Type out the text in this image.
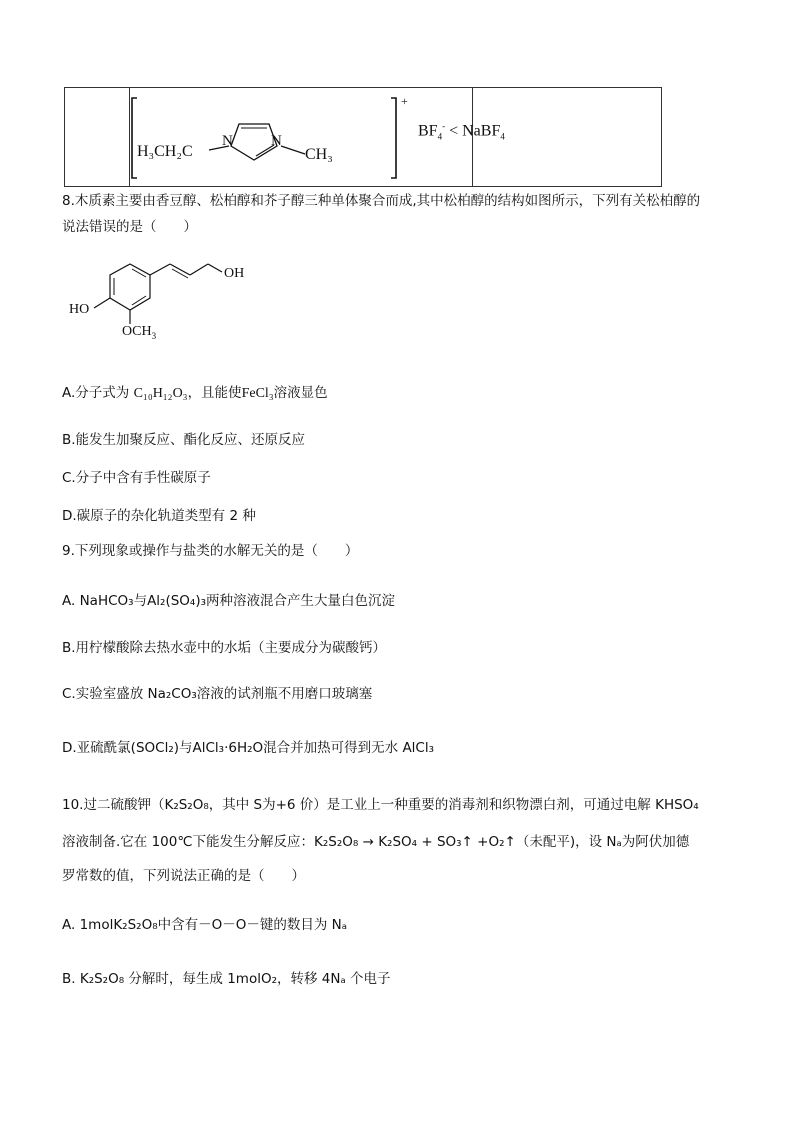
H₃CH₂C
N	N
CH₃
+
$BF_4^-$ < NaBF$_4$
8.木质素主要由香豆醇、松柏醇和芥子醇三种单体聚合而成,其中松柏醇的结构如图所示，下列有关松柏醇的
说法错误的是（　　）
OH
HO
$OCH_3$
A.分子式为 C₁₀H₁₂O₃，且能使FeCl₃溶液显色
B.能发生加聚反应、酯化反应、还原反应
C.分子中含有手性碳原子
D.碳原子的杂化轨道类型有 2 种
9.下列现象或操作与盐类的水解无关的是（　　）
A. NaHCO₃与Al₂(SO₄)₃两种溶液混合产生大量白色沉淀
B.用柠檬酸除去热水壶中的水垢（主要成分为碳酸钙）
C.实验室盛放 Na₂CO₃溶液的试剂瓶不用磨口玻璃塞
D.亚硫酰氯(SOCl₂)与AlCl₃·6H₂O混合并加热可得到无水 AlCl₃
10.过二硫酸钾（K₂S₂O₈，其中 S为+6 价）是工业上一种重要的消毒剂和织物漂白剂，可通过电解 KHSO₄
溶液制备.它在 100℃下能发生分解反应：K₂S₂O₈ → K₂SO₄ + SO₃↑ +O₂↑（未配平)，设 Nₐ为阿伏加德
罗常数的值，下列说法正确的是（　　）
A. 1molK₂S₂O₈中含有－O－O－键的数目为 Nₐ
B. K₂S₂O₈ 分解时，每生成 1molO₂，转移 4Nₐ 个电子
